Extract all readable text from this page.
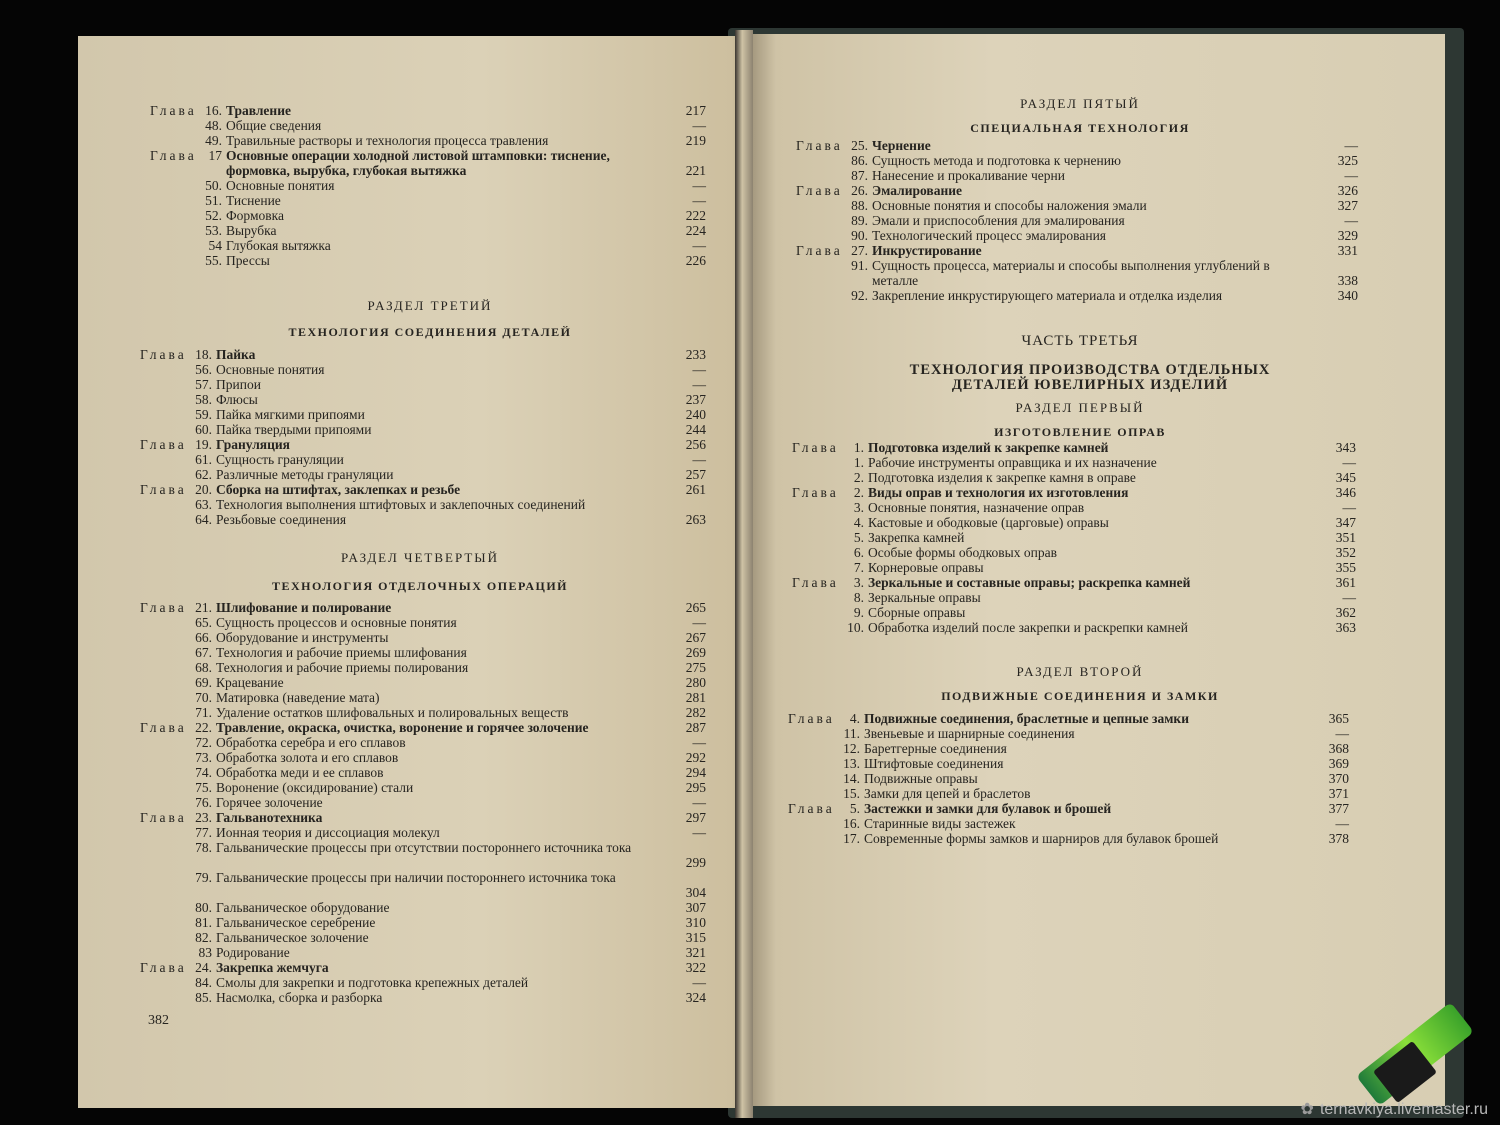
Глава 16. Травление	217
48. Общие сведения	—
49. Травильные растворы и технология процесса травления	219
Глава 17 Основные операции холодной листовой штамповки: тиснение, формовка, вырубка, глубокая вытяжка	221
50. Основные понятия	—
51. Тиснение	—
52. Формовка	222
53. Вырубка	224
54 Глубокая вытяжка	—
55. Прессы	226
РАЗДЕЛ ТРЕТИЙ
ТЕХНОЛОГИЯ СОЕДИНЕНИЯ ДЕТАЛЕЙ
Глава 18. Пайка	233
56. Основные понятия	—
57. Припои	—
58. Флюсы	237
59. Пайка мягкими припоями	240
60. Пайка твердыми припоями	244
Глава 19. Грануляция	256
61. Сущность грануляции	—
62. Различные методы грануляции	257
Глава 20. Сборка на штифтах, заклепках и резьбе	261
63. Технология выполнения штифтовых и заклепочных соединений
64. Резьбовые соединения	263
РАЗДЕЛ ЧЕТВЕРТЫЙ
ТЕХНОЛОГИЯ ОТДЕЛОЧНЫХ ОПЕРАЦИЙ
Глава 21. Шлифование и полирование	265
65. Сущность процессов и основные понятия	—
66. Оборудование и инструменты	267
67. Технология и рабочие приемы шлифования	269
68. Технология и рабочие приемы полирования	275
69. Крацевание	280
70. Матировка (наведение мата)	281
71. Удаление остатков шлифовальных и полировальных веществ	282
Глава 22. Травление, окраска, очистка, воронение и горячее золочение	287
72. Обработка серебра и его сплавов	—
73. Обработка золота и его сплавов	292
74. Обработка меди и ее сплавов	294
75. Воронение (оксидирование) стали	295
76. Горячее золочение	—
Глава 23. Гальванотехника	297
77. Ионная теория и диссоциация молекул	—
78. Гальванические процессы при отсутствии постороннего источника тока
299
79. Гальванические процессы при наличии постороннего источника тока
304
80. Гальваническое оборудование	307
81. Гальваническое серебрение	310
82. Гальваническое золочение	315
83 Родирование	321
Глава 24. Закрепка жемчуга	322
84. Смолы для закрепки и подготовка крепежных деталей	—
85. Насмолка, сборка и разборка	324
382
РАЗДЕЛ ПЯТЫЙ
СПЕЦИАЛЬНАЯ ТЕХНОЛОГИЯ
Глава 25. Чернение	—
86. Сущность метода и подготовка к чернению	325
87. Нанесение и прокаливание черни	—
Глава 26. Эмалирование	326
88. Основные понятия и способы наложения эмали	327
89. Эмали и приспособления для эмалирования	—
90. Технологический процесс эмалирования	329
Глава 27. Инкрустирование	331
91. Сущность процесса, материалы и способы выполнения углублений в металле	338
92. Закрепление инкрустирующего материала и отделка изделия	340
ЧАСТЬ ТРЕТЬЯ
ТЕХНОЛОГИЯ ПРОИЗВОДСТВА ОТДЕЛЬНЫХ ДЕТАЛЕЙ ЮВЕЛИРНЫХ ИЗДЕЛИЙ
РАЗДЕЛ ПЕРВЫЙ
ИЗГОТОВЛЕНИЕ ОПРАВ
Глава	1. Подготовка изделий к закрепке камней	343
1. Рабочие инструменты оправщика и их назначение	—
2. Подготовка изделия к закрепке камня в оправе	345
Глава	2. Виды оправ и технология их изготовления	346
3. Основные понятия, назначение оправ	—
4. Кастовые и ободковые (царговые) оправы	347
5. Закрепка камней	351
6. Особые формы ободковых оправ	352
7. Корнеровые оправы	355
Глава	3. Зеркальные и составные оправы; раскрепка камней	361
8. Зеркальные оправы	—
9. Сборные оправы	362
10. Обработка изделий после закрепки и раскрепки камней	363
РАЗДЕЛ ВТОРОЙ
ПОДВИЖНЫЕ СОЕДИНЕНИЯ И ЗАМКИ
Глава	4. Подвижные соединения, браслетные и цепные замки	365
11. Звеньевые и шарнирные соединения	—
12. Баретгерные соединения	368
13. Штифтовые соединения	369
14. Подвижные оправы	370
15. Замки для цепей и браслетов	371
Глава	5. Застежки и замки для булавок и брошей	377
16. Старинные виды застежек	—
17. Современные формы замков и шарниров для булавок брошей	378
✿ ternavkiya.livemaster.ru
